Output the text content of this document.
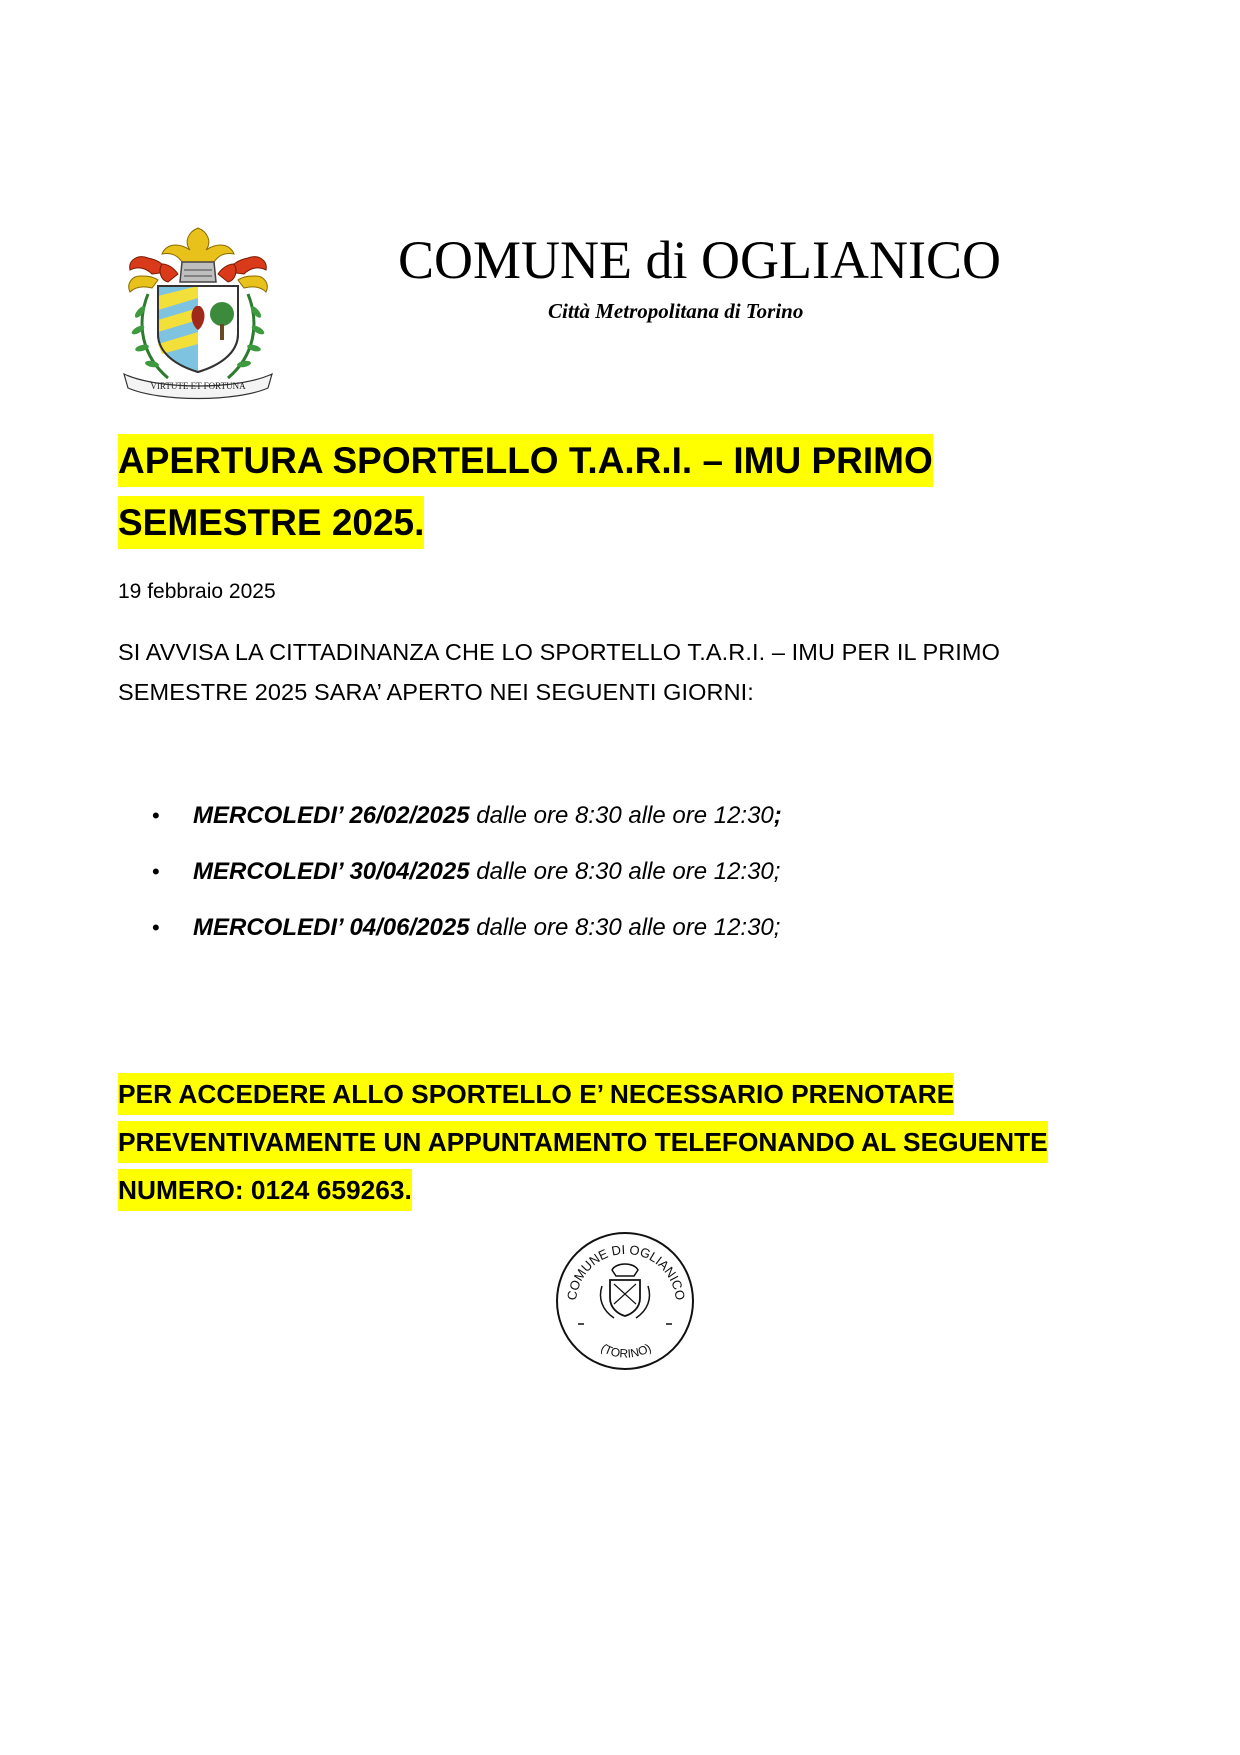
VIRTUTE ET FORTUNA
COMUNE di OGLIANICO
Città Metropolitana di Torino
APERTURA SPORTELLO T.A.R.I. – IMU PRIMO
SEMESTRE 2025.
19 febbraio 2025
SI AVVISA LA CITTADINANZA CHE LO SPORTELLO T.A.R.I. – IMU PER IL PRIMO
SEMESTRE 2025 SARA’ APERTO NEI SEGUENTI GIORNI:
• MERCOLEDI’ 26/02/2025 dalle ore 8:30 alle ore 12:30;
• MERCOLEDI’ 30/04/2025 dalle ore 8:30 alle ore 12:30;
• MERCOLEDI’ 04/06/2025 dalle ore 8:30 alle ore 12:30;
PER ACCEDERE ALLO SPORTELLO E’ NECESSARIO PRENOTARE
PREVENTIVAMENTE UN APPUNTAMENTO TELEFONANDO AL SEGUENTE
NUMERO: 0124 659263.
COMUNE DI OGLIANICO
(TORINO)
